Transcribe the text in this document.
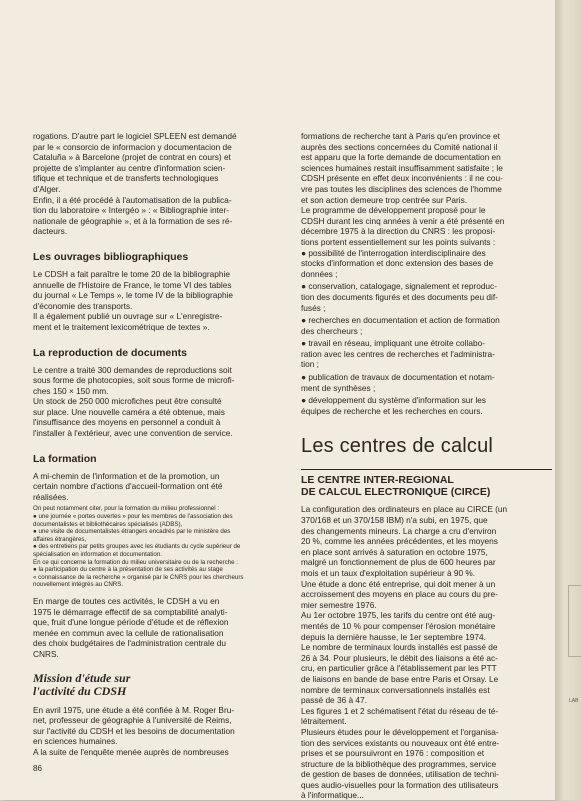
rogations. D'autre part le logiciel SPLEEN est demandé
par le « consorcio de informacion y documentacion de
Cataluña » à Barcelone (projet de contrat en cours) et
projette de s'implanter au centre d'information scien-
tifique et technique et de transferts technologiques
d'Alger.
Enfin, il a été procédé à l'automatisation de la publica-
tion du laboratoire « Intergéo » : « Bibliographie inter-
nationale de géographie », et à la formation de ses ré-
dacteurs.

Les ouvrages bibliographiques

Le CDSH a fait paraître le tome 20 de la bibliographie
annuelle de l'Histoire de France, le tome VI des tables
du journal « Le Temps », le tome IV de la bibliographie
d'économie des transports.
Il a également publié un ouvrage sur « L'enregistre-
ment et le traitement lexicométrique de textes ».

La reproduction de documents

Le centre a traité 300 demandes de reproductions soit
sous forme de photocopies, soit sous forme de microfi-
ches 150 × 150 mm.
Un stock de 250 000 microfiches peut être consulté
sur place. Une nouvelle caméra a été obtenue, mais
l'insuffisance des moyens en personnel a conduit à
l'installer à l'extérieur, avec une convention de service.

La formation

A mi-chemin de l'information et de la promotion, un
certain nombre d'actions d'accueil-formation ont été
réalisées.
On peut notamment citer, pour la formation du milieu professionnel :
● une journée « portes ouvertes » pour les membres de l'association des
documentalistes et bibliothécaires spécialisés (ADBS),
● une visite de documentalistes étrangers encadrés par le ministère des
affaires étrangères,
● des entretiens par petits groupes avec les étudiants du cycle supérieur de
spécialisation en information et documentation.
En ce qui concerne la formation du milieu universitaire ou de la recherche :
● la participation du centre à la présentation de ses activités au stage
« connaissance de la recherche » organisé par le CNRS pour les chercheurs
nouvellement intégrés au CNRS.
En marge de toutes ces activités, le CDSH a vu en
1975 le démarrage effectif de sa comptabilité analyti-
que, fruit d'une longue période d'étude et de réflexion
menée en commun avec la cellule de rationalisation
des choix budgétaires de l'administration centrale du
CNRS.

Mission d'étude sur
l'activité du CDSH

En avril 1975, une étude a été confiée à M. Roger Bru-
net, professeur de géographie à l'université de Reims,
sur l'activité du CDSH et les besoins de documentation
en sciences humaines.
A la suite de l'enquête menée auprès de nombreuses
formations de recherche tant à Paris qu'en province et
auprès des sections concernées du Comité national il
est apparu que la forte demande de documentation en
sciences humaines restait insuffisamment satisfaite ; le
CDSH présente en effet deux inconvénients : il ne cou-
vre pas toutes les disciplines des sciences de l'homme
et son action demeure trop centrée sur Paris.
Le programme de développement proposé pour le
CDSH durant les cinq années à venir a été présenté en
décembre 1975 à la direction du CNRS : les proposi-
tions portent essentiellement sur les points suivants :
● possibilité de l'interrogation interdisciplinaire des
stocks d'information et donc extension des bases de
données ;
● conservation, catalogage, signalement et reproduc-
tion des documents figurés et des documents peu dif-
fusés ;
● recherches en documentation et action de formation
des chercheurs ;
● travail en réseau, impliquant une étroite collabo-
ration avec les centres de recherches et l'administra-
tion ;
● publication de travaux de documentation et notam-
ment de synthèses ;
● développement du système d'information sur les
équipes de recherche et les recherches en cours.

Les centres de calcul

LE CENTRE INTER-REGIONAL
DE CALCUL ELECTRONIQUE (CIRCE)

La configuration des ordinateurs en place au CIRCE (un
370/168 et un 370/158 IBM) n'a subi, en 1975, que
des changements mineurs. La charge a cru d'environ
20 %, comme les années précédentes, et les moyens
en place sont arrivés à saturation en octobre 1975,
malgré un fonctionnement de plus de 600 heures par
mois et un taux d'exploitation supérieur à 90 %.
Une étude a donc été entreprise, qui doit mener à un
accroissement des moyens en place au cours du pre-
mier semestre 1976.
Au 1er octobre 1975, les tarifs du centre ont été aug-
mentés de 10 % pour compenser l'érosion monétaire
depuis la dernière hausse, le 1er septembre 1974.
Le nombre de terminaux lourds installés est passé de
26 à 34. Pour plusieurs, le débit des liaisons a été ac-
cru, en particulier grâce à l'établissement par les PTT
de liaisons en bande de base entre Paris et Orsay. Le
nombre de terminaux conversationnels installés est
passé de 36 à 47.
Les figures 1 et 2 schématisent l'état du réseau de té-
létraitement.
Plusieurs études pour le développement et l'organisa-
tion des services existants ou nouveaux ont été entre-
prises et se poursuivront en 1976 : composition et
structure de la bibliothèque des programmes, service
de gestion de bases de données, utilisation de techni-
ques audio-visuelles pour la formation des utilisateurs
à l'informatique...
86
LAB
